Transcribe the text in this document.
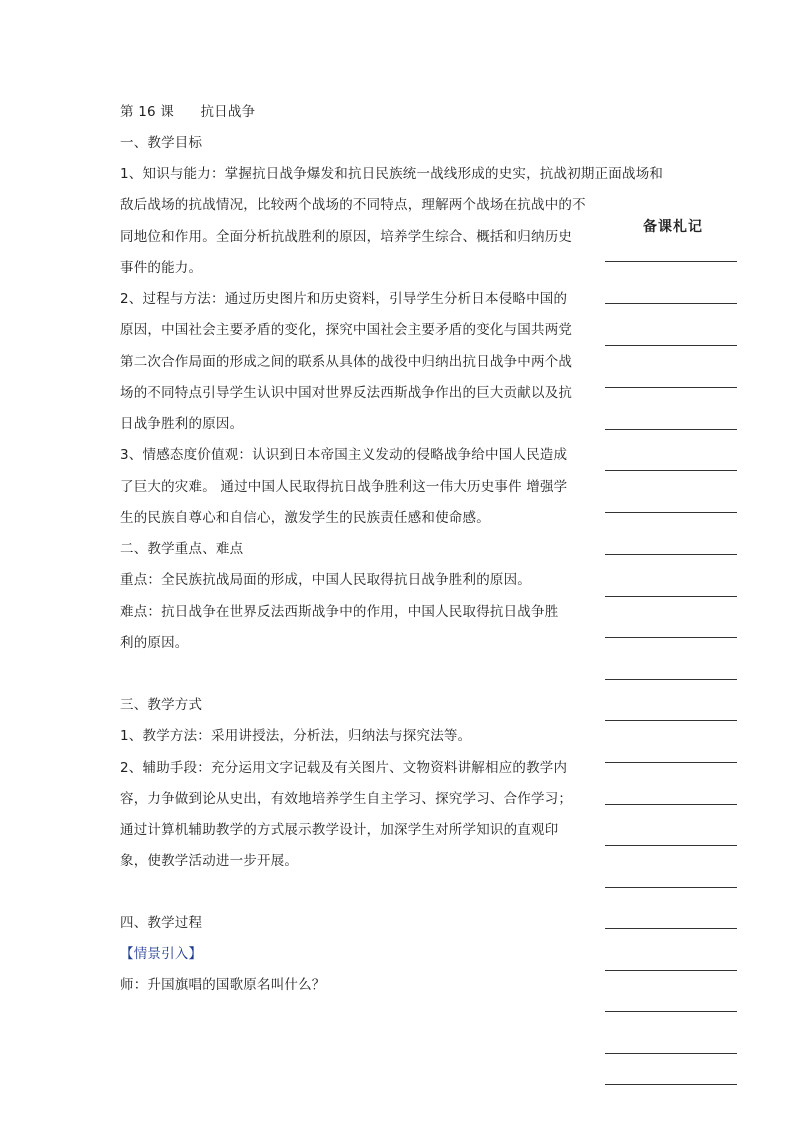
第 16 课 抗日战争
一、教学目标
1、知识与能力：掌握抗日战争爆发和抗日民族统一战线形成的史实，抗战初期正面战场和
敌后战场的抗战情况，比较两个战场的不同特点，理解两个战场在抗战中的不
同地位和作用。全面分析抗战胜利的原因，培养学生综合、概括和归纳历史
事件的能力。
2、过程与方法：通过历史图片和历史资料，引导学生分析日本侵略中国的
原因，中国社会主要矛盾的变化，探究中国社会主要矛盾的变化与国共两党
第二次合作局面的形成之间的联系从具体的战役中归纳出抗日战争中两个战
场的不同特点引导学生认识中国对世界反法西斯战争作出的巨大贡献以及抗
日战争胜利的原因。
3、情感态度价值观：认识到日本帝国主义发动的侵略战争给中国人民造成
了巨大的灾难。 通过中国人民取得抗日战争胜利这一伟大历史事件 增强学
生的民族自尊心和自信心，激发学生的民族责任感和使命感。
二、教学重点、难点
重点：全民族抗战局面的形成，中国人民取得抗日战争胜利的原因。
难点：抗日战争在世界反法西斯战争中的作用，中国人民取得抗日战争胜
利的原因。
三、教学方式
1、教学方法：采用讲授法，分析法，归纳法与探究法等。
2、辅助手段：充分运用文字记载及有关图片、文物资料讲解相应的教学内
容，力争做到论从史出，有效地培养学生自主学习、探究学习、合作学习；
通过计算机辅助教学的方式展示教学设计，加深学生对所学知识的直观印
象，使教学活动进一步开展。
四、教学过程
【情景引入】
师：升国旗唱的国歌原名叫什么？
备课札记
